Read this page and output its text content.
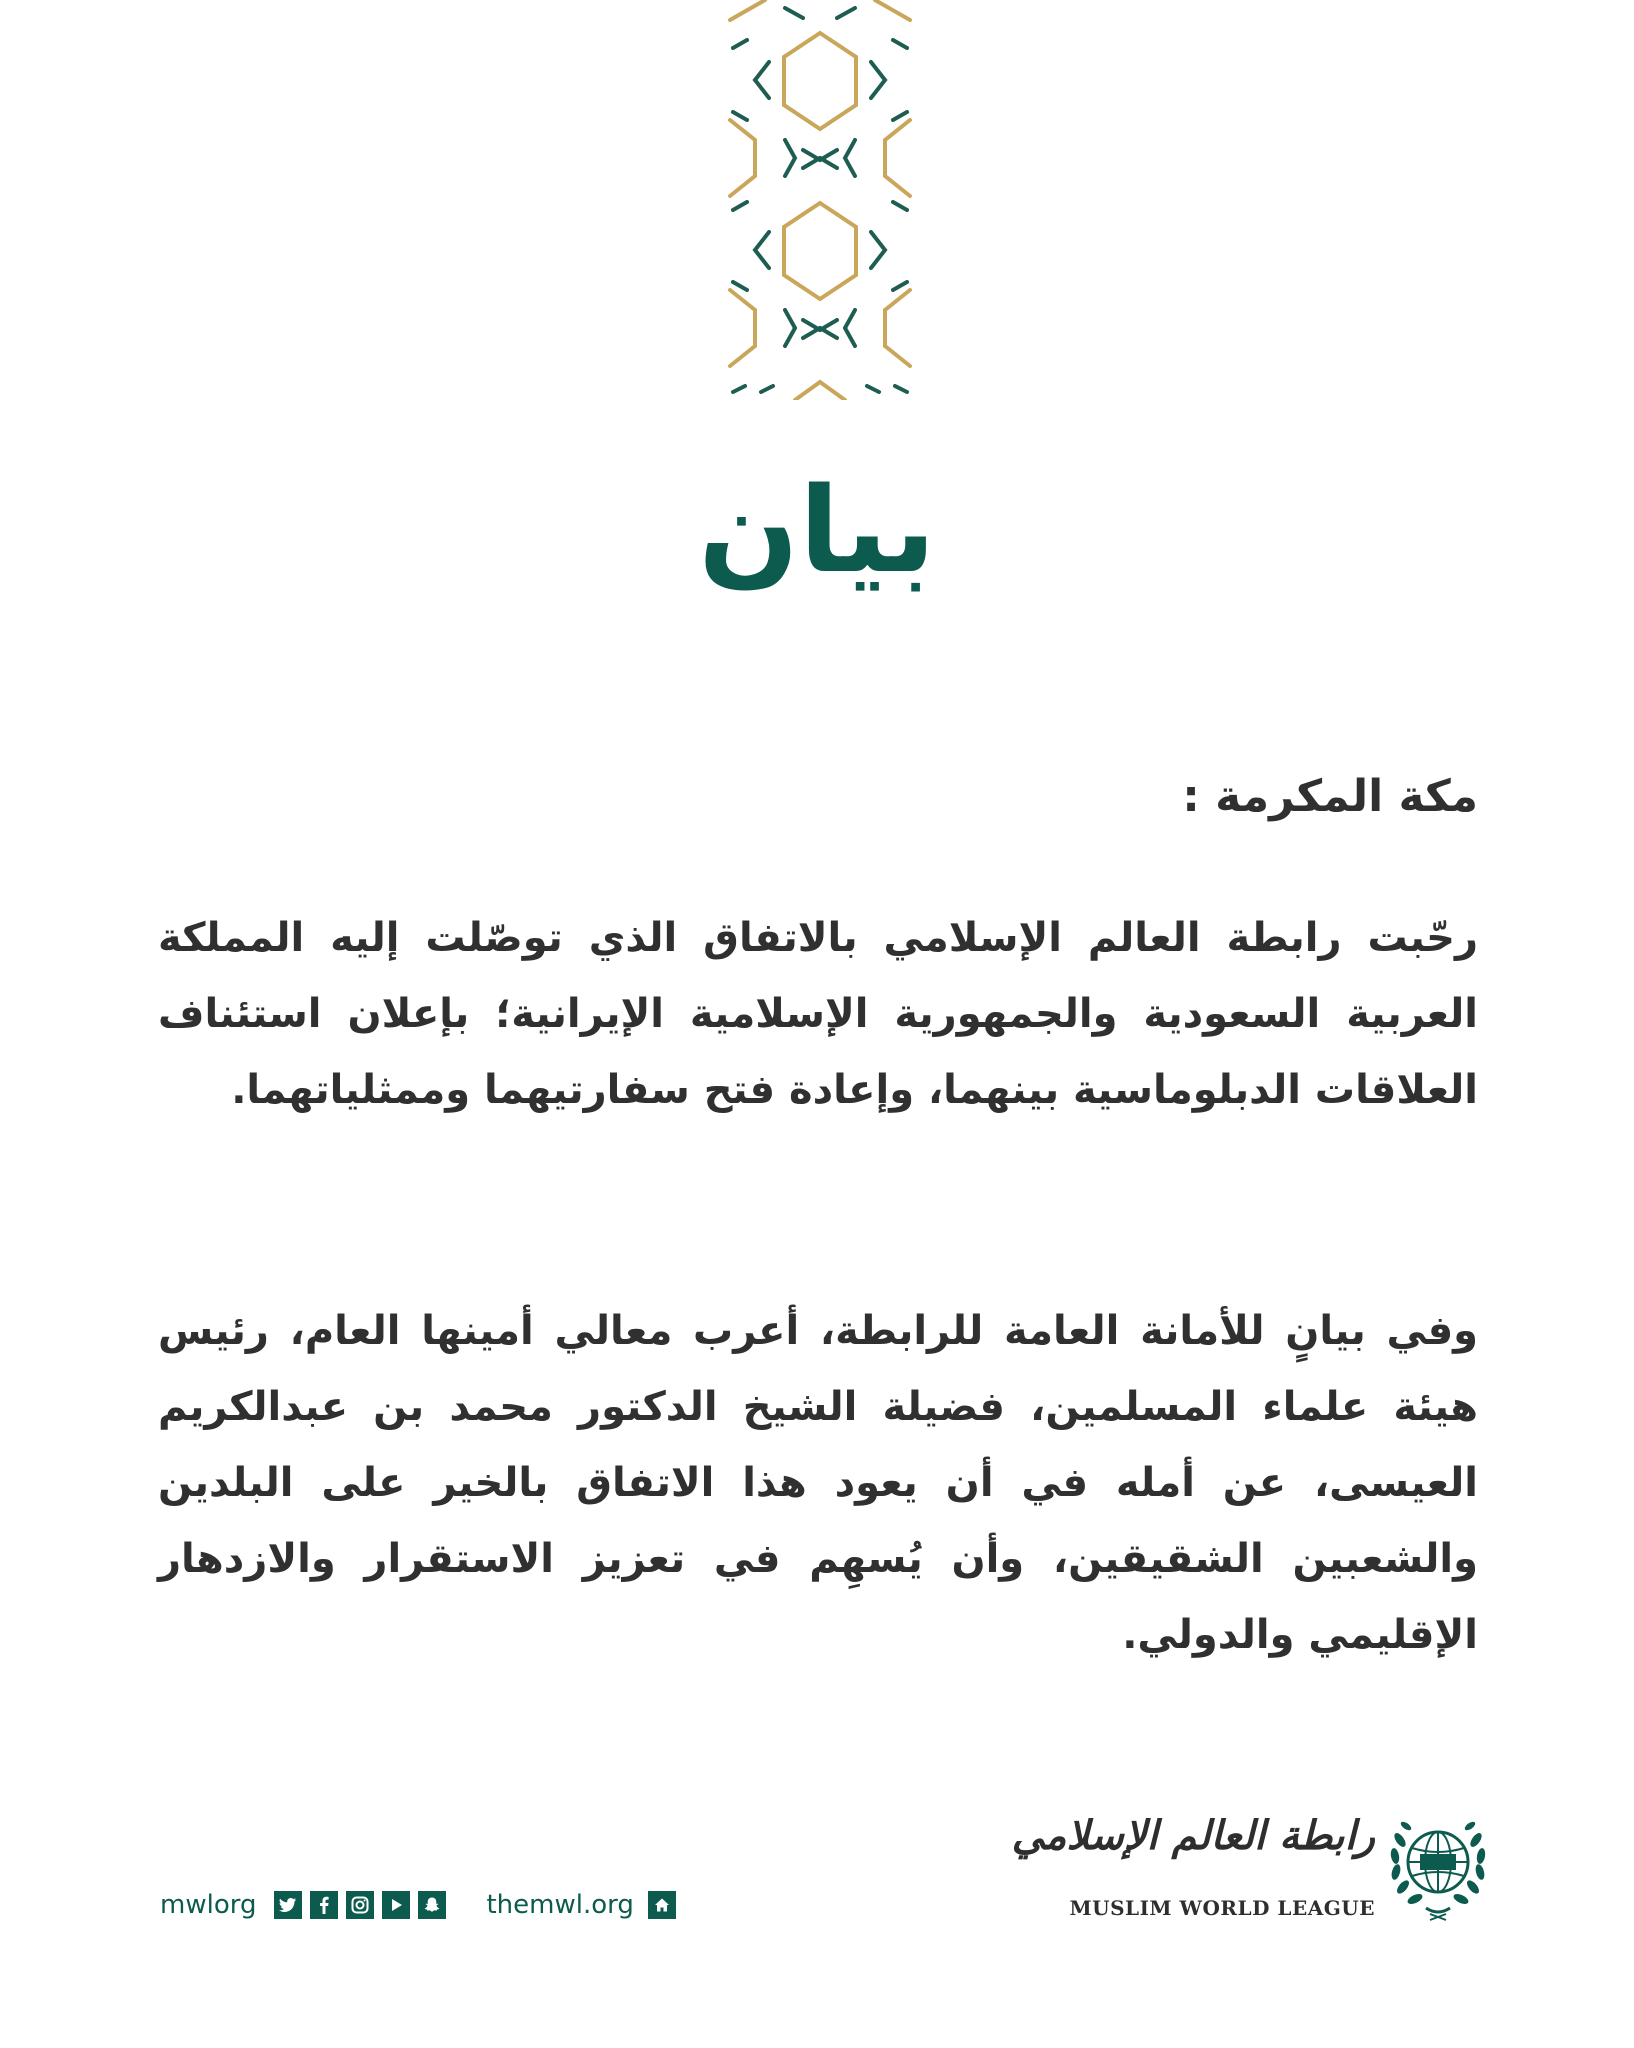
بيان
مكة المكرمة :
رحّبت رابطة العالم الإسلامي بالاتفاق الذي توصّلت إليه المملكة العربية السعودية والجمهورية الإسلامية الإيرانية؛ بإعلان استئناف العلاقات الدبلوماسية بينهما، وإعادة فتح سفارتيهما وممثلياتهما.
وفي بيانٍ للأمانة العامة للرابطة، أعرب معالي أمينها العام، رئيس هيئة علماء المسلمين، فضيلة الشيخ الدكتور محمد بن عبدالكريم العيسى، عن أمله في أن يعود هذا الاتفاق بالخير على البلدين والشعبين الشقيقين، وأن يُسهِم في تعزيز الاستقرار والازدهار الإقليمي والدولي.
mwlorg	themwl.org
رابطة العالم الإسلامي
MUSLIM WORLD LEAGUE
